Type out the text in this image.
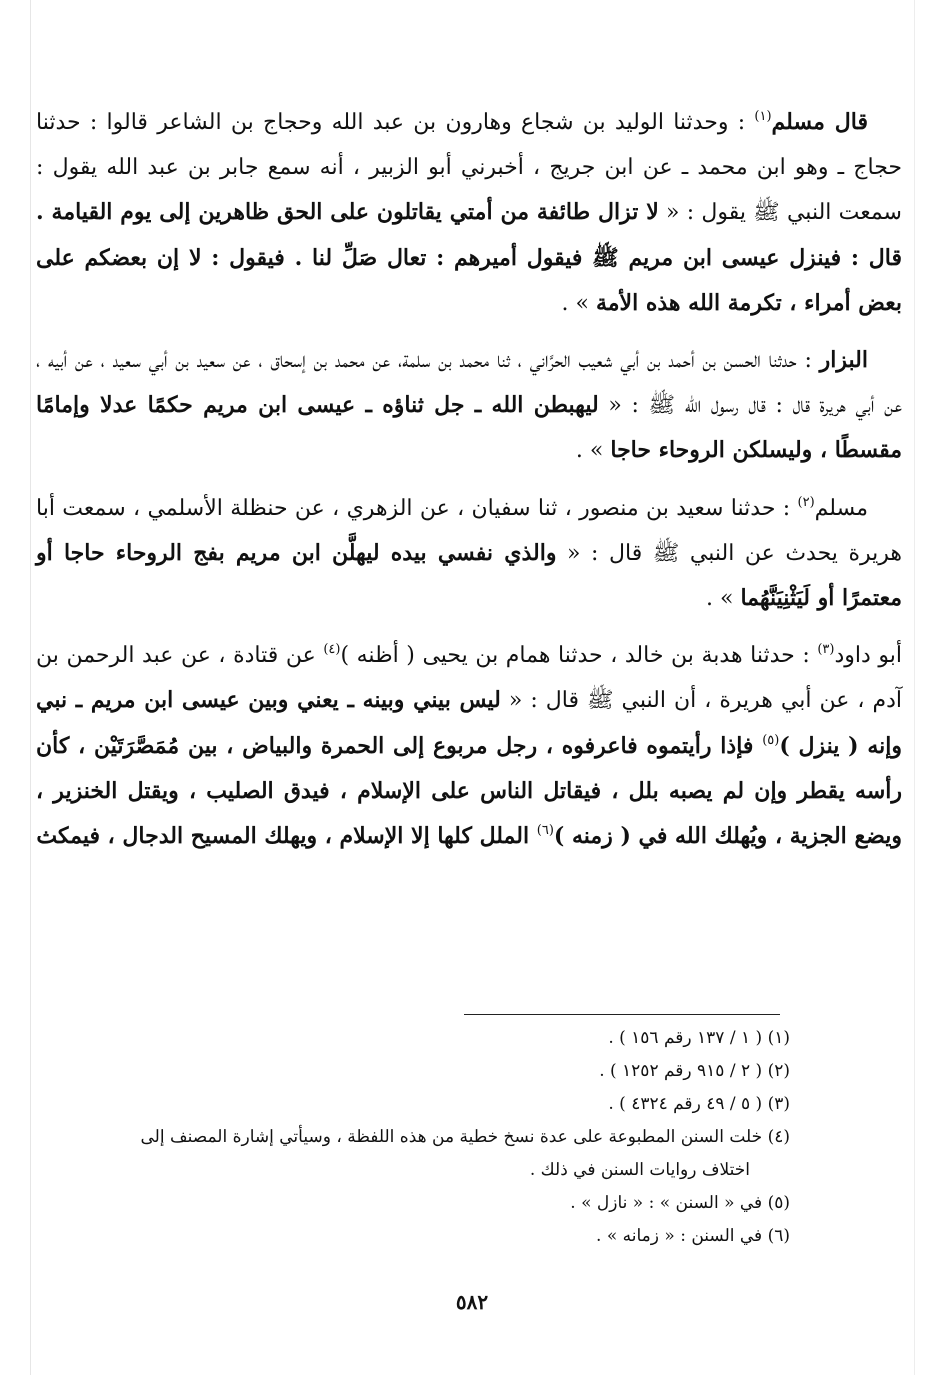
قال مسلم$^{(١)}$ : وحدثنا الوليد بن شجاع وهارون بن عبد الله وحجاج بن الشاعر قالوا : حدثنا حجاج ـ وهو ابن محمد ـ عن ابن جريج ، أخبرني أبو الزبير ، أنه سمع جابر بن عبد الله يقول : سمعت النبي ﷺ يقول : « لا تزال طائفة من أمتي يقاتلون على الحق ظاهرين إلى يوم القيامة . قال : فينزل عيسى ابن مريم ﷺ فيقول أميرهم : تعال صَلِّ لنا . فيقول : لا إن بعضكم على بعض أمراء ، تكرمة الله هذه الأمة » .

البزار : حدثنا الحسن بن أحمد بن أبي شعيب الحرَّاني ، ثنا محمد بن سلمة، عن محمد بن إسحاق ، عن سعيد بن أبي سعيد ، عن أبيه ، عن أبي هريرة قال : قال رسول الله ﷺ : « ليهبطن الله ـ جل ثناؤه ـ عيسى ابن مريم حكمًا عدلا وإمامًا مقسطًا ، وليسلكن الروحاء حاجا » .

مسلم$^{(٢)}$ : حدثنا سعيد بن منصور ، ثنا سفيان ، عن الزهري ، عن حنظلة الأسلمي ، سمعت أبا هريرة يحدث عن النبي ﷺ قال : « والذي نفسي بيده ليهلَّن ابن مريم بفج الروحاء حاجا أو معتمرًا أو لَيَثْنِيَنَّهُما » .

أبو داود$^{(٣)}$ : حدثنا هدبة بن خالد ، حدثنا همام بن يحيى ( أظنه )$^{(٤)}$ عن قتادة ، عن عبد الرحمن بن آدم ، عن أبي هريرة ، أن النبي ﷺ قال : « ليس بيني وبينه ـ يعني وبين عيسى ابن مريم ـ نبي وإنه ( ينزل )$^{(٥)}$ فإذا رأيتموه فاعرفوه ، رجل مربوع إلى الحمرة والبياض ، بين مُمَصَّرَتَيْن ، كأن رأسه يقطر وإن لم يصبه بلل ، فيقاتل الناس على الإسلام ، فيدق الصليب ، ويقتل الخنزير ، ويضع الجزية ، ويُهلك الله في ( زمنه )$^{(٦)}$ الملل كلها إلا الإسلام ، ويهلك المسيح الدجال ، فيمكث

(١) ( ١ / ١٣٧ رقم ١٥٦ ) .

(٢) ( ٢ / ٩١٥ رقم ١٢٥٢ ) .

(٣) ( ٥ / ٤٩ رقم ٤٣٢٤ ) .

(٤) خلت السنن المطبوعة على عدة نسخ خطية من هذه اللفظة ، وسيأتي إشارة المصنف إلى

اختلاف روايات السنن في ذلك .

(٥) في « السنن » : « نازل » .

(٦) في السنن : « زمانه » .

٥٨٢
